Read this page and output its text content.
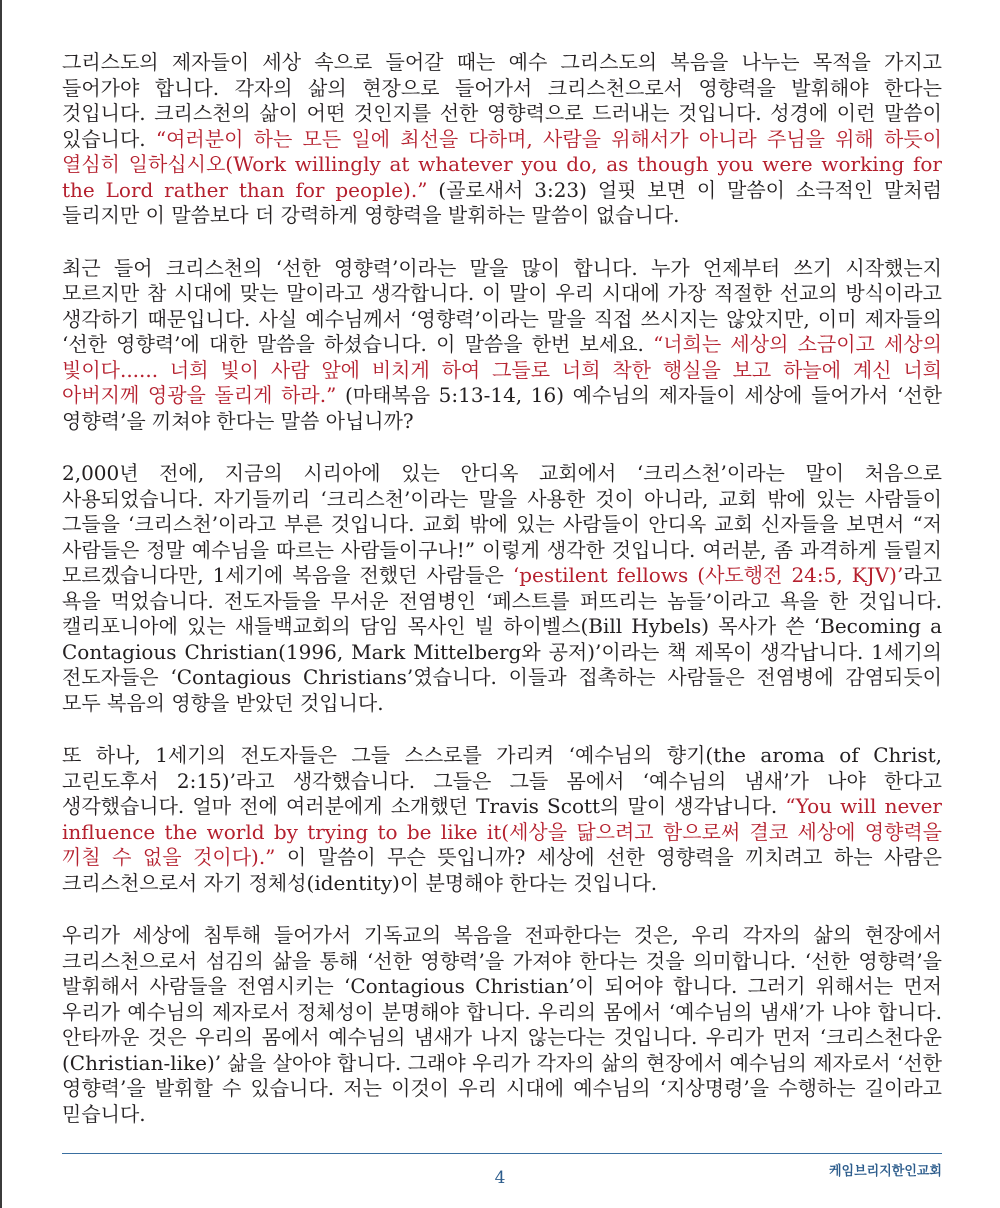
그리스도의 제자들이 세상 속으로 들어갈 때는 예수 그리스도의 복음을 나누는 목적을 가지고 들어가야 합니다. 각자의 삶의 현장으로 들어가서 크리스천으로서 영향력을 발휘해야 한다는 것입니다. 크리스천의 삶이 어떤 것인지를 선한 영향력으로 드러내는 것입니다. 성경에 이런 말씀이 있습니다. “여러분이 하는 모든 일에 최선을 다하며, 사람을 위해서가 아니라 주님을 위해 하듯이 열심히 일하십시오(Work willingly at whatever you do, as though you were working for the Lord rather than for people).” (골로새서 3:23) 얼핏 보면 이 말씀이 소극적인 말처럼 들리지만 이 말씀보다 더 강력하게 영향력을 발휘하는 말씀이 없습니다.

최근 들어 크리스천의 ‘선한 영향력’이라는 말을 많이 합니다. 누가 언제부터 쓰기 시작했는지 모르지만 참 시대에 맞는 말이라고 생각합니다. 이 말이 우리 시대에 가장 적절한 선교의 방식이라고 생각하기 때문입니다. 사실 예수님께서 ‘영향력’이라는 말을 직접 쓰시지는 않았지만, 이미 제자들의 ‘선한 영향력’에 대한 말씀을 하셨습니다. 이 말씀을 한번 보세요. “너희는 세상의 소금이고 세상의 빛이다...... 너희 빛이 사람 앞에 비치게 하여 그들로 너희 착한 행실을 보고 하늘에 계신 너희 아버지께 영광을 돌리게 하라.” (마태복음 5:13-14, 16) 예수님의 제자들이 세상에 들어가서 ‘선한 영향력’을 끼쳐야 한다는 말씀 아닙니까?

2,000년 전에, 지금의 시리아에 있는 안디옥 교회에서 ‘크리스천’이라는 말이 처음으로 사용되었습니다. 자기들끼리 ‘크리스천’이라는 말을 사용한 것이 아니라, 교회 밖에 있는 사람들이 그들을 ‘크리스천’이라고 부른 것입니다. 교회 밖에 있는 사람들이 안디옥 교회 신자들을 보면서 “저 사람들은 정말 예수님을 따르는 사람들이구나!” 이렇게 생각한 것입니다. 여러분, 좀 과격하게 들릴지 모르겠습니다만, 1세기에 복음을 전했던 사람들은 ‘pestilent fellows (사도행전 24:5, KJV)’라고 욕을 먹었습니다. 전도자들을 무서운 전염병인 ‘페스트를 퍼뜨리는 놈들’이라고 욕을 한 것입니다. 캘리포니아에 있는 새들백교회의 담임 목사인 빌 하이벨스(Bill Hybels) 목사가 쓴 ‘Becoming a Contagious Christian(1996, Mark Mittelberg와 공저)’이라는 책 제목이 생각납니다. 1세기의 전도자들은 ‘Contagious Christians’였습니다. 이들과 접촉하는 사람들은 전염병에 감염되듯이 모두 복음의 영향을 받았던 것입니다.

또 하나, 1세기의 전도자들은 그들 스스로를 가리켜 ‘예수님의 향기(the aroma of Christ, 고린도후서 2:15)’라고 생각했습니다. 그들은 그들 몸에서 ‘예수님의 냄새’가 나야 한다고 생각했습니다. 얼마 전에 여러분에게 소개했던 Travis Scott의 말이 생각납니다. “You will never influence the world by trying to be like it(세상을 닮으려고 함으로써 결코 세상에 영향력을 끼칠 수 없을 것이다).” 이 말씀이 무슨 뜻입니까? 세상에 선한 영향력을 끼치려고 하는 사람은 크리스천으로서 자기 정체성(identity)이 분명해야 한다는 것입니다.

우리가 세상에 침투해 들어가서 기독교의 복음을 전파한다는 것은, 우리 각자의 삶의 현장에서 크리스천으로서 섬김의 삶을 통해 ‘선한 영향력’을 가져야 한다는 것을 의미합니다. ‘선한 영향력’을 발휘해서 사람들을 전염시키는 ‘Contagious Christian’이 되어야 합니다. 그러기 위해서는 먼저 우리가 예수님의 제자로서 정체성이 분명해야 합니다. 우리의 몸에서 ‘예수님의 냄새’가 나야 합니다. 안타까운 것은 우리의 몸에서 예수님의 냄새가 나지 않는다는 것입니다. 우리가 먼저 ‘크리스천다운(Christian-like)’ 삶을 살아야 합니다. 그래야 우리가 각자의 삶의 현장에서 예수님의 제자로서 ‘선한 영향력’을 발휘할 수 있습니다. 저는 이것이 우리 시대에 예수님의 ‘지상명령’을 수행하는 길이라고 믿습니다.

4	케임브리지한인교회
